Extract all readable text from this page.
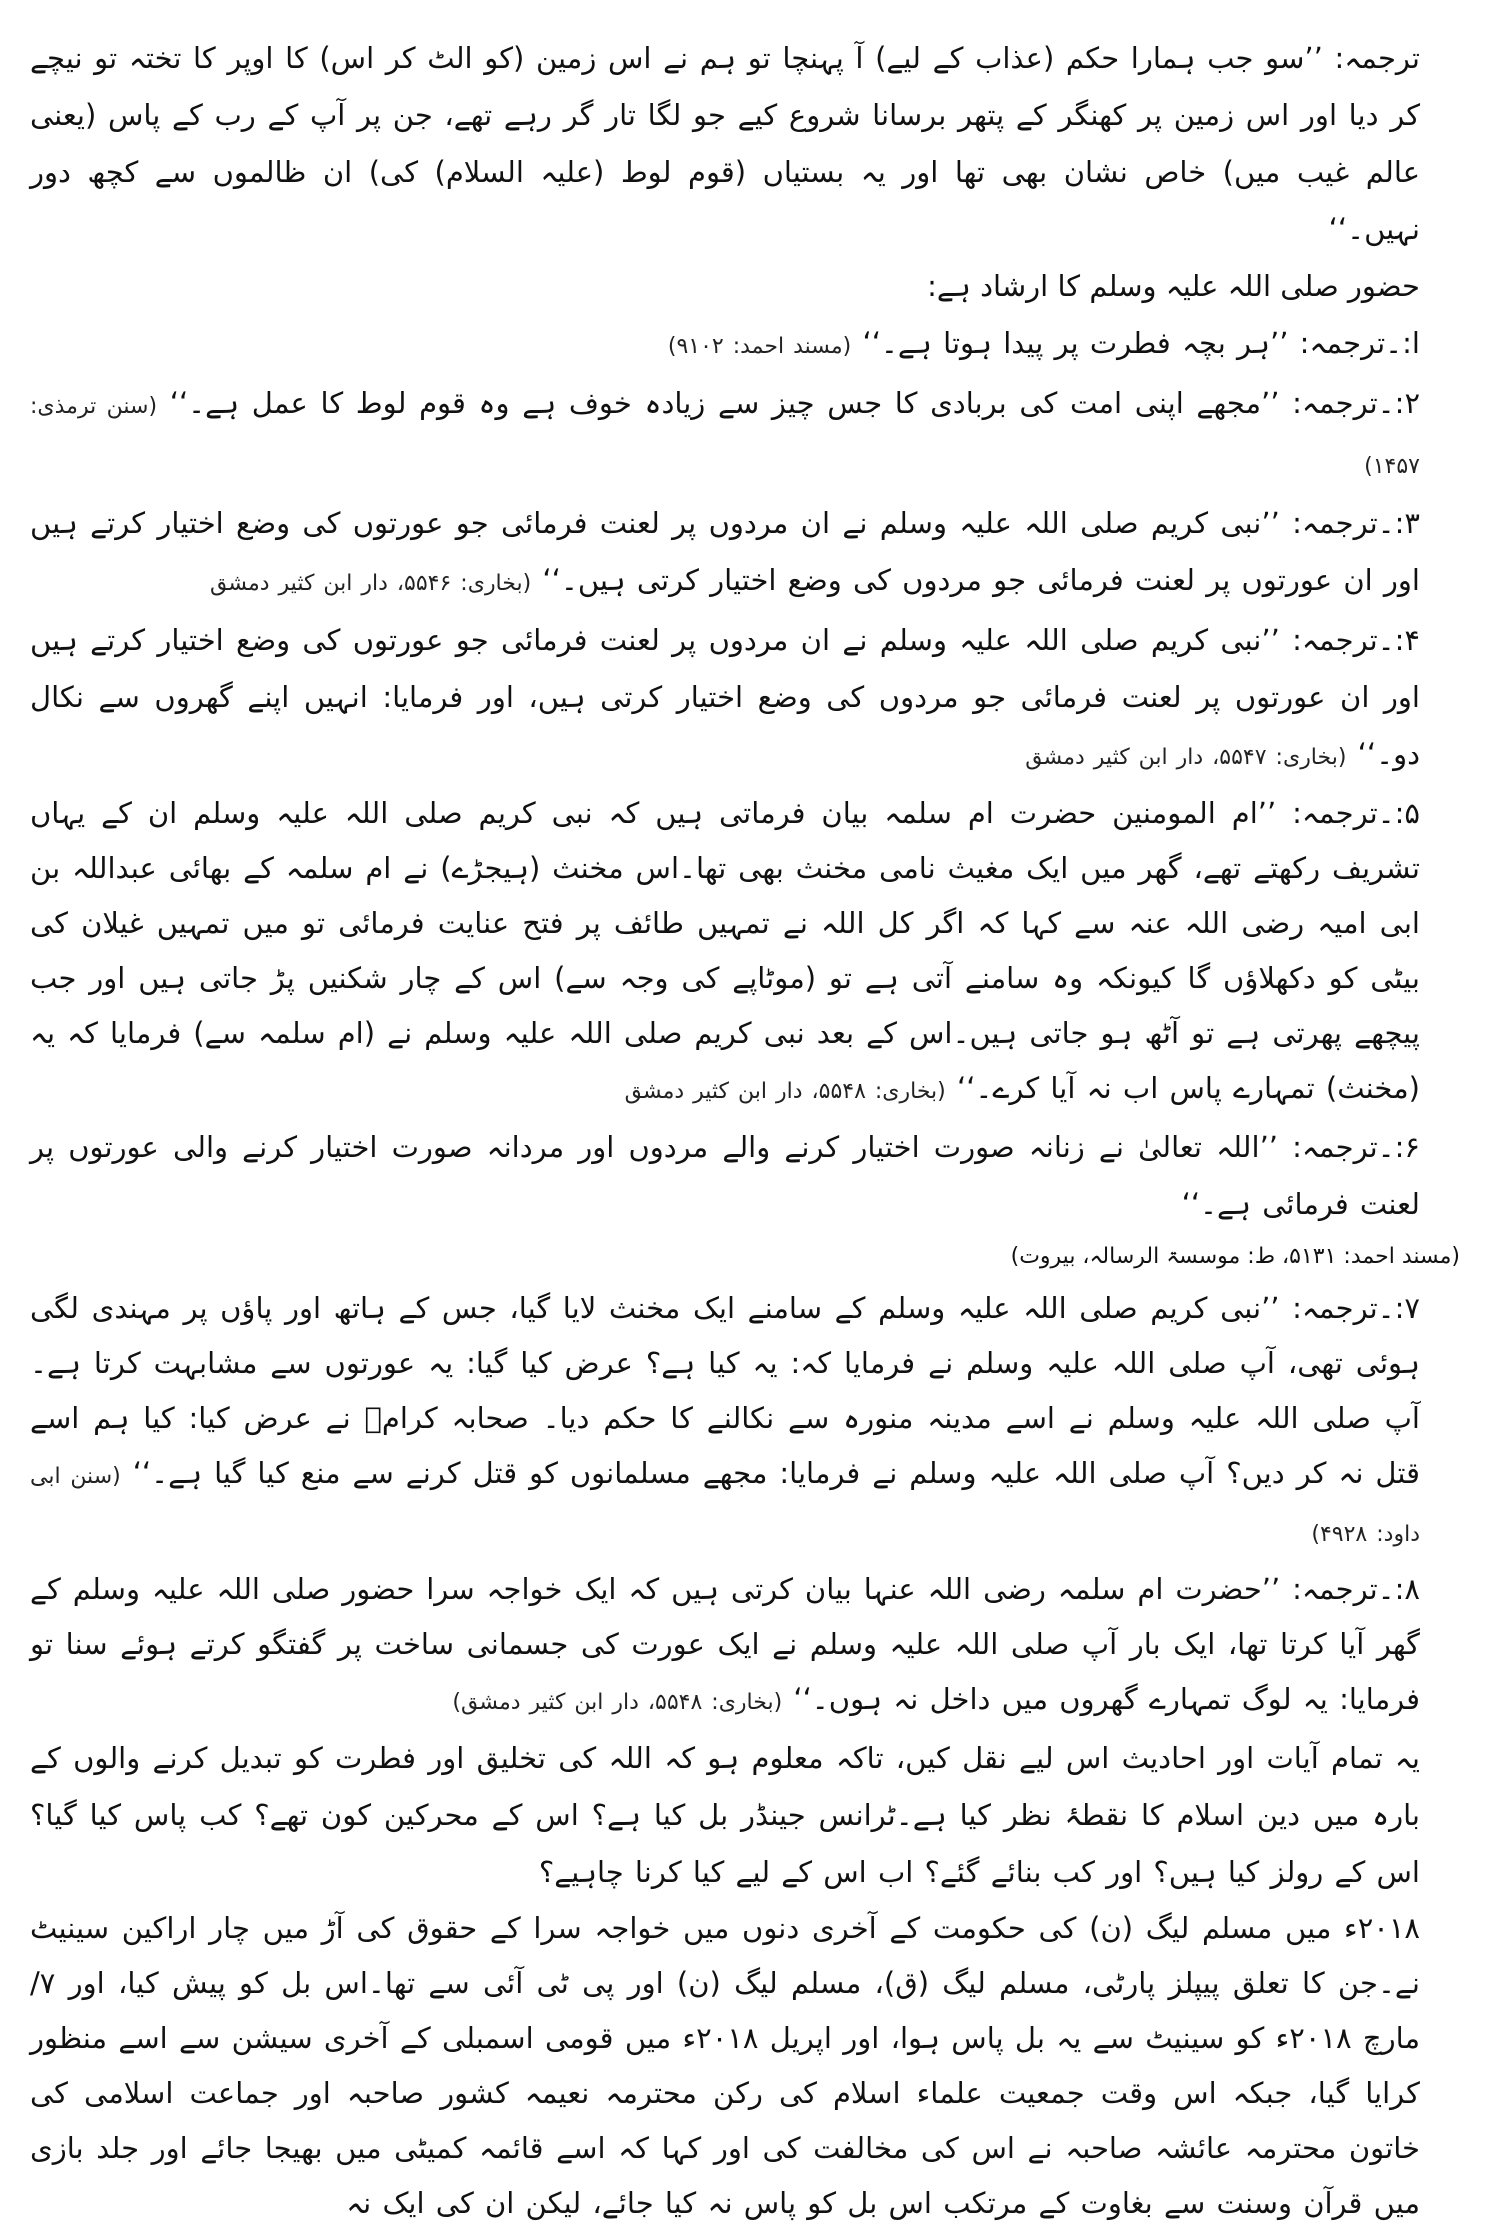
ترجمہ: ’’سو جب ہمارا حکم (عذاب کے لیے) آ پہنچا تو ہم نے اس زمین (کو الٹ کر اس) کا اوپر کا تختہ تو نیچے کر دیا اور اس زمین پر کھنگر کے پتھر برسانا شروع کیے جو لگا تار گر رہے تھے، جن پر آپ کے رب کے پاس (یعنی عالم غیب میں) خاص نشان بھی تھا اور یہ بستیاں (قوم لوط (علیہ السلام) کی) ان ظالموں سے کچھ دور نہیں۔‘‘

حضور صلی اللہ علیہ وسلم کا ارشاد ہے:

ا:۔ترجمہ: ’’ہر بچہ فطرت پر پیدا ہوتا ہے۔‘‘ (مسند احمد: ۹۱۰۲)

۲:۔ترجمہ: ’’مجھے اپنی امت کی بربادی کا جس چیز سے زیادہ خوف ہے وہ قوم لوط کا عمل ہے۔‘‘ (سنن ترمذی: ۱۴۵۷)

۳:۔ترجمہ: ’’نبی کریم صلی اللہ علیہ وسلم نے ان مردوں پر لعنت فرمائی جو عورتوں کی وضع اختیار کرتے ہیں اور ان عورتوں پر لعنت فرمائی جو مردوں کی وضع اختیار کرتی ہیں۔‘‘ (بخاری: ۵۵۴۶، دار ابن کثیر دمشق

۴:۔ترجمہ: ’’نبی کریم صلی اللہ علیہ وسلم نے ان مردوں پر لعنت فرمائی جو عورتوں کی وضع اختیار کرتے ہیں اور ان عورتوں پر لعنت فرمائی جو مردوں کی وضع اختیار کرتی ہیں، اور فرمایا: انہیں اپنے گھروں سے نکال دو۔‘‘ (بخاری: ۵۵۴۷، دار ابن کثیر دمشق

۵:۔ترجمہ: ’’ام المومنین حضرت ام سلمہ بیان فرماتی ہیں کہ نبی کریم صلی اللہ علیہ وسلم ان کے یہاں تشریف رکھتے تھے، گھر میں ایک مغیث نامی مخنث بھی تھا۔اس مخنث (ہیجڑے) نے ام سلمہ کے بھائی عبداللہ بن ابی امیہ رضی اللہ عنہ سے کہا کہ اگر کل اللہ نے تمہیں طائف پر فتح عنایت فرمائی تو میں تمہیں غیلان کی بیٹی کو دکھلاؤں گا کیونکہ وہ سامنے آتی ہے تو (موٹاپے کی وجہ سے) اس کے چار شکنیں پڑ جاتی ہیں اور جب پیچھے پھرتی ہے تو آٹھ ہو جاتی ہیں۔اس کے بعد نبی کریم صلی اللہ علیہ وسلم نے (ام سلمہ سے) فرمایا کہ یہ (مخنث) تمہارے پاس اب نہ آیا کرے۔‘‘ (بخاری: ۵۵۴۸، دار ابن کثیر دمشق

۶:۔ترجمہ: ’’اللہ تعالیٰ نے زنانہ صورت اختیار کرنے والے مردوں اور مردانہ صورت اختیار کرنے والی عورتوں پر لعنت فرمائی ہے۔‘‘

(مسند احمد: ۵۱۳۱، ط: موسسۃ الرسالہ، بیروت)

۷:۔ترجمہ: ’’نبی کریم صلی اللہ علیہ وسلم کے سامنے ایک مخنث لایا گیا، جس کے ہاتھ اور پاؤں پر مہندی لگی ہوئی تھی، آپ صلی اللہ علیہ وسلم نے فرمایا کہ: یہ کیا ہے؟ عرض کیا گیا: یہ عورتوں سے مشابہت کرتا ہے۔ آپ صلی اللہ علیہ وسلم نے اسے مدینہ منورہ سے نکالنے کا حکم دیا۔ صحابہ کرامؓ نے عرض کیا: کیا ہم اسے قتل نہ کر دیں؟ آپ صلی اللہ علیہ وسلم نے فرمایا: مجھے مسلمانوں کو قتل کرنے سے منع کیا گیا ہے۔‘‘ (سنن ابی داود: ۴۹۲۸)

۸:۔ترجمہ: ’’حضرت ام سلمہ رضی اللہ عنہا بیان کرتی ہیں کہ ایک خواجہ سرا حضور صلی اللہ علیہ وسلم کے گھر آیا کرتا تھا، ایک بار آپ صلی اللہ علیہ وسلم نے ایک عورت کی جسمانی ساخت پر گفتگو کرتے ہوئے سنا تو فرمایا: یہ لوگ تمہارے گھروں میں داخل نہ ہوں۔‘‘ (بخاری: ۵۵۴۸، دار ابن کثیر دمشق)

یہ تمام آیات اور احادیث اس لیے نقل کیں، تاکہ معلوم ہو کہ اللہ کی تخلیق اور فطرت کو تبدیل کرنے والوں کے بارہ میں دین اسلام کا نقطۂ نظر کیا ہے۔ٹرانس جینڈر بل کیا ہے؟ اس کے محرکین کون تھے؟ کب پاس کیا گیا؟ اس کے رولز کیا ہیں؟ اور کب بنائے گئے؟ اب اس کے لیے کیا کرنا چاہیے؟

۲۰۱۸ء میں مسلم لیگ (ن) کی حکومت کے آخری دنوں میں خواجہ سرا کے حقوق کی آڑ میں چار اراکین سینیٹ نے۔جن کا تعلق پیپلز پارٹی، مسلم لیگ (ق)، مسلم لیگ (ن) اور پی ٹی آئی سے تھا۔اس بل کو پیش کیا، اور ۷/مارچ ۲۰۱۸ء کو سینیٹ سے یہ بل پاس ہوا، اور اپریل ۲۰۱۸ء میں قومی اسمبلی کے آخری سیشن سے اسے منظور کرایا گیا، جبکہ اس وقت جمعیت علماء اسلام کی رکن محترمہ نعیمہ کشور صاحبہ اور جماعت اسلامی کی خاتون محترمہ عائشہ صاحبہ نے اس کی مخالفت کی اور کہا کہ اسے قائمہ کمیٹی میں بھیجا جائے اور جلد بازی میں قرآن وسنت سے بغاوت کے مرتکب اس بل کو پاس نہ کیا جائے، لیکن ان کی ایک نہ
